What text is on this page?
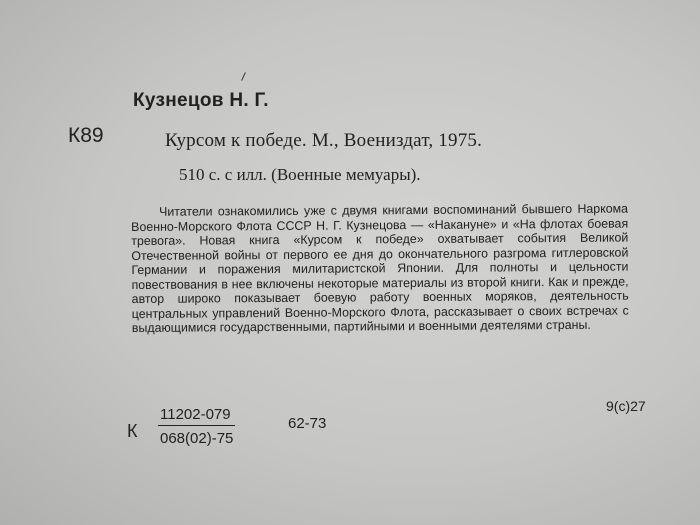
Кузнецов Н. Г.
К89	Курсом к победе. М., Воениздат, 1975.
510 с. с илл. (Военные мемуары).
Читатели ознакомились уже с двумя книгами воспоминаний бывшего Наркома Военно-Морского Флота СССР Н. Г. Кузнецова — «Накануне» и «На флотах боевая тревога». Новая книга «Курсом к победе» охватывает события Великой Отечественной войны от первого ее дня до окончательного разгрома гитлеровской Германии и поражения милитаристской Японии. Для полноты и цельности повествования в нее включены некоторые материалы из второй книги. Как и прежде, автор широко показывает боевую работу военных моряков, деятельность центральных управлений Военно-Морского Флота, рассказывает о своих встречах с выдающимися государственными, партийными и военными деятелями страны.
К $\frac{11202-079}{068(02)-75}$	62-73
9(с)27
